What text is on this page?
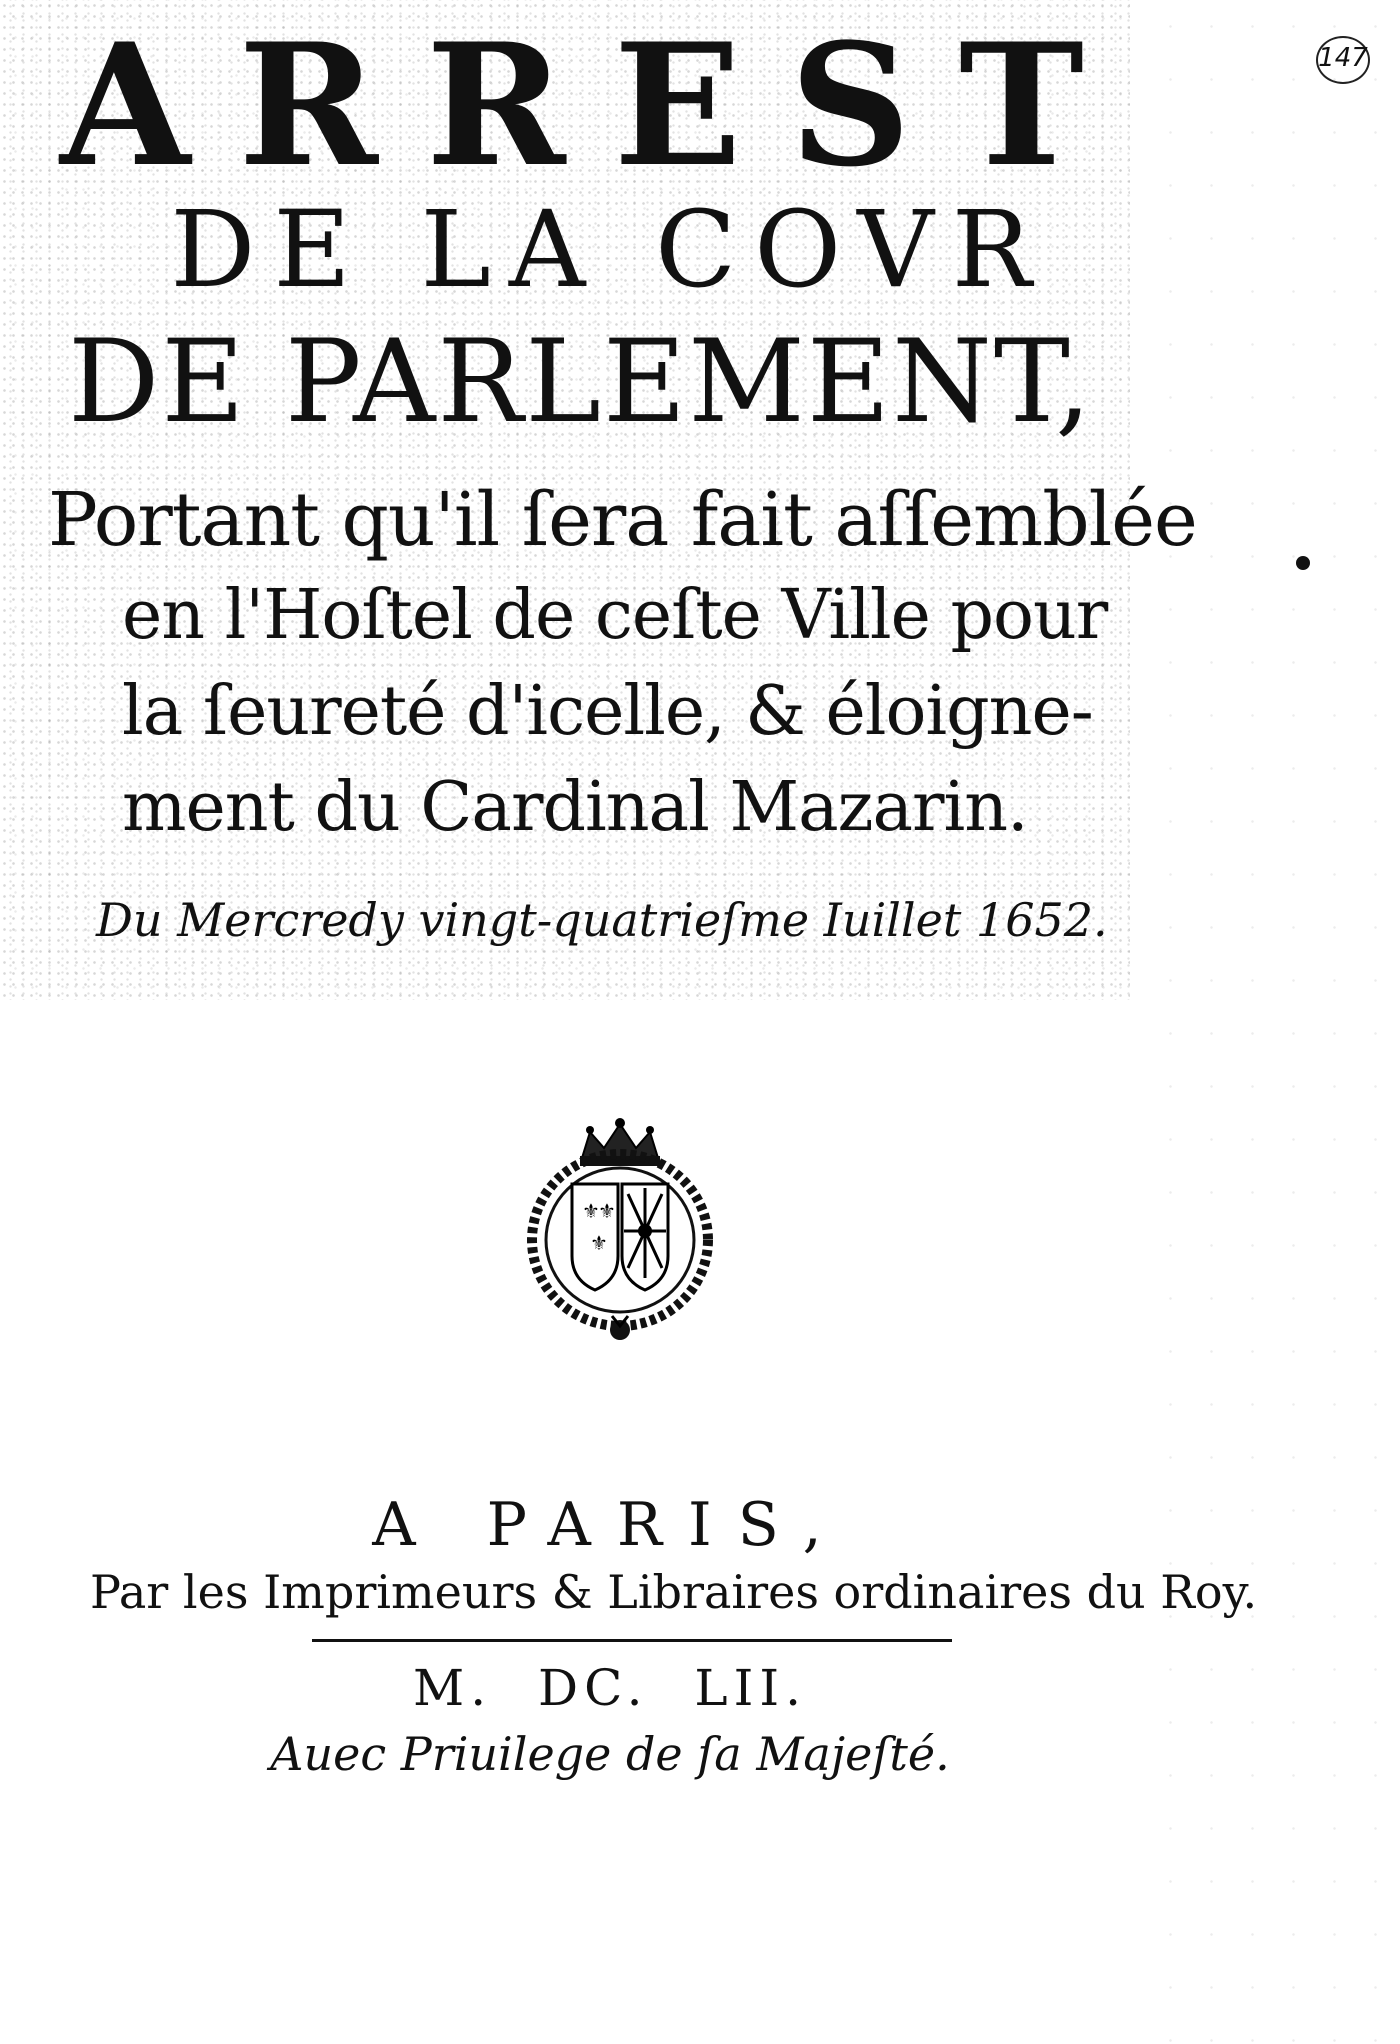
147
ARREST
DE LA COVR
DE PARLEMENT,
Portant qu'il ſera fait aſſemblée
en l'Hoſtel de ceſte Ville pour
la ſeureté d'icelle, & éloigne-
ment du Cardinal Mazarin.
Du Mercredy vingt-quatrieſme Iuillet 1652.
⚜
⚜
⚜
A PARIS,
Par les Imprimeurs & Libraires ordinaires du Roy.
M. DC. LII.
Auec Priuilege de ſa Majeſté.
